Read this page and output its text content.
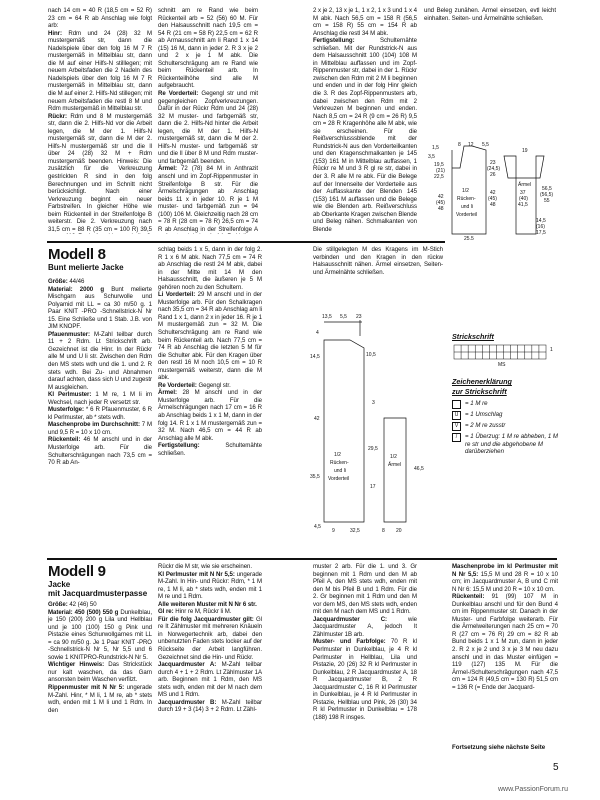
nach 14 cm = 40 R (18,5 cm = 52 R) 23 cm = 64 R ab Anschlag wie folgt arb:

Hinr: Rdm und 24 (28) 32 M mustergemäß str, dann die Nadelspiele über den folg 16 M 7 R mustergemäß in Mittelblau str, dann die M auf einer Hilfs-N stilllegen; mit neuem Arbeitsfaden die 2 Nadeln des Nadelspiels über den folg 16 M 7 R mustergemäß in Mittelblau str, dann die M auf einer 2. Hilfs-Nd stillegen; mit neuem Arbeitsfaden die restl 8 M und Rdm mustergemäß in Mittelblau str.

Rückr: Rdm und 8 M mustergemäß str, dann die 2. Hilfs-Nd vor die Arbeit legen, die M der 1. Hilfs-N mustergemäß str, dann die M der 2. Hilfs-N mustergemäß str und die ll über 24 (28) 32 M + Rdm mustergemäß beenden. Hinweis: Die zusätzlich für die Verkreuzung gestrickten R sind in den folg Berechnungen und im Schnitt nicht berücksichtigt. Nach einer Verkreuzung beginnt ein neuer Farbstreifen. In gleicher Höhe wie beim Rückenteil in der Streifenfolge B weiterstr. Die 2. Verkreuzung nach 31,5 cm = 88 R (35 cm = 100 R) 39,5

schnitt am re Rand wie beim Rückenteil arb = 52 (56) 60 M. Für den Halsausschnitt nach 19,5 cm = 54 R (21 cm = 58 R) 22,5 cm = 62 R ab Armausschnitt am li Rand 1 x 14 (15) 16 M, dann in jeder 2. R 3 x je 2 und 2 x je 1 M abk. Die Schulterschrägung am re Rand wie beim Rückenteil arb. In Rückenteilhöhe sind alle M aufgebraucht.

Re Vorderteil: Gegengl str und mit gegengleichen Zopfverkreuzungen. Dafür in der Rückr Rdm und 24 (28) 32 M muster- und farbgemäß str, dann die 2. Hilfs-Nd hinter die Arbeit legen, die M der 1. Hilfs-N mustergemäß str, dann die M der 2. Hilfs-N muster- und farbgemäß str und die ll über 8 M und Rdm muster- und farbgemäß beenden.

Ärmel: 72 (78) 84 M in Anthrazit anschl und im Zopf-Rippenmuster in Streifenfolge B str. Für die Ärmelschrägungen ab Anschlag beids 11 x in jeder 10. R je 1 M muster- und farbgemäß zun = 94 (100) 106 M. Gleichzeitig nach 28 cm = 78 R (28 cm = 78 R) 26,5 cm = 74 R ab Anschlag in der Streifenfolge A

2 x je 2, 13 x je 1, 1 x 2, 1 x 3 und 1 x 4 M abk. Nach 56,5 cm = 158 R (56,5 cm = 158 R) 55 cm = 154 R ab Anschlag die restl 34 M abk.

Fertigstellung: Schulternähte schließen. Mit der Rundstrick-N aus dem Halsausschnitt 100 (104) 108 M in Mittelblau auffassen und im Zopf-Rippenmuster str, dabei in der 1. Rückr zwischen den Rdm mit 2 M li beginnen und enden und in der folg Hinr gleich die 3. R des Zopf-Rippenmusters arb, dabei zwischen den Rdm mit 2 Verkreuzen M beginnen und enden. Nach 8,5 cm = 24 R (9 cm = 26 R) 9,5 cm = 28 R Kragenhöhe alle M abk, wie sie erscheinen. Für die Reißverschlusssblende mit der Rundstrick-N aus den Vorderteilkanten und den Kragenschmalkanten je 145 (153) 161 M in Mittelblau auffassen, 1 Rückr re M und 3 R gl re str, dabei in der 3. R alle M re abk. Für die Belege auf der Innenseite der Vorderteile aus der Auffasskante der Blenden 145 (153) 161 M auffassen und die Belege wie die Blenden arb. Reißverschluss ab Oberkante Kragen zwischen Blende und Beleg nähen. Schmalkanten von Blende

und Beleg zunähen. Ärmel einsetzen, evtl leicht einhalten. Seiten- und Ärmelnähte schließen.

1,5	8 12 5,5
19
3,5
19,5
(21)
22,5
23
(24,5)
26
42
(45)
48
42
(45)
48
37
(40)
41,5
56,5
(56,5)
55
14,5
(16)
17,5
25,5
1/2
Rücken-
und li
Vorderteil
Ärmel
Modell 8
Bunt melierte Jacke

Größe: 44/46

Material: 2000 g Bunt melierte Mischgarn aus Schurwolle und Polyamid mit LL = ca 30 m/50 g. 1 Paar KNIT -PRO -Schnellstrick-N Nr 15. Eine Schließe und 1 Stab. J.B. von JIM KNOPF.

Pfauenmuster: M-Zahl teilbar durch 11 + 2 Rdm. Lt Strickschrift arb. Gezeichnet ist die Hinr. In der Rückr alle M und U li str. Zwischen den Rdm den MS stets wdh und die 1. und 2. R stets wdh. Bei Zu- und Abnahmen darauf achten, dass sich U und zugestr M ausgleichen.

Kl Perlmuster: 1 M re, 1 M li im Wechsel, nach jeder R versetzt str.

Musterfolge: * 6 R Pfauenmuster, 6 R kl Perlmuster, ab * stets wdh.

Maschenprobe im Durchschnitt: 7 M und 9,5 R = 10 x 10 cm.

Rückenteil: 46 M anschl und in der Musterfolge arb. Für die Schulterschrägungen nach 73,5 cm = 70 R ab An-

schlag beids 1 x 5, dann in der folg 2. R 1 x 6 M abk. Nach 77,5 cm = 74 R ab Anschlag die restl 24 M abk, dabei in der Mitte mit 14 M den Halsausschnitt, die äußeren je 5 M gehören noch zu den Schultern.

Li Vorderteil: 29 M anschl und in der Musterfolge arb. Für den Schalkragen nach 35,5 cm = 34 R ab Anschlag am li Rand 1 x 1, dann 2 x in jeder 16. R je 1 M mustergemäß zun = 32 M. Die Schulterschrägung am re Rand wie beim Rückenteil arb. Nach 77,5 cm = 74 R ab Anschlag die letzten 5 M für die Schulter abk. Für den Kragen über den restl 16 M noch 10,5 cm = 10 R mustergemäß weiterstr, dann die M abk.

Re Vorderteil: Gegengl str.

Ärmel: 28 M anschl und in der Musterfolge arb. Für die Ärmelschrägungen nach 17 cm = 16 R ab Anschlag beids 1 x 1 M, dann in der folg 14. R 1 x 1 M mustergemäß zun = 32 M. Nach 46,5 cm = 44 R ab Anschlag alle M abk.

Fertigstellung: Schultemähte schließen.

Die stillgelegten M des Kragens im M-Stich verbinden und den Kragen in den rückw Halsausschnitt nähen. Ärmel einsetzen, Seiten- und Ärmelnähte schließen.

13,5 5,5 23
4
14,5
42
35,5
4,5
10,5
3
29,5
17
1/2
Rücken-
und li
Vorderteil
1/2
Ärmel
46,5
9	32,5	8 20
Strickschrift
1
MS
Zeichenerklärung
zur Strickschrift
= 1 M re
U	= 1 Umschlag
V	= 2 M re zusstr
/	= 1 Überzug: 1 M re abheben, 1 M re str und die abgehobene M darüberziehen
Modell 9
Jacke
mit Jacquardmusterpasse

Größe: 42 (46) 50

Material: 450 (500) 550 g Dunkelblau, je 150 (200) 200 g Lila und Hellblau und je 100 (100) 150 g Pink und Pistazie eines Schurwollgarnes mit LL = ca 90 m/50 g. Je 1 Paar KNIT -PRO -Schnellstrick-N Nr 5, Nr 5,5 und 6 sowie 1 KNITPRO-Rundstrick-N Nr 5.

Wichtiger Hinweis: Das Strickstück nur kalt waschen, da das Garn ansonsten beim Waschen verfilzt.

Rippenmuster mit N Nr 5: ungerade M-Zahl. Hinr, * M li, 1 M re, ab * stets wdh, enden mit 1 M li und 1 Rdm. In den

Rückr die M str, wie sie erscheinen.

Kl Perlmuster mit N Nr 5,5: ungerade M-Zahl. In Hin- und Rückr: Rdm, * 1 M re, 1 M li, ab * stets wdh, enden mit 1 M re und 1 Rdm.

Alle weiteren Muster mit N Nr 6 str.

Gl re: Hinr re M, Rückr li M.

Für die folg Jacquardmuster gilt: Gl re It Zählmuster mit mehreren Knäueln in Norwegertechnik arb, dabei den unbenutzten Faden stets locker auf der Rückseite der Arbeit langführen. Gezeichnet sind die Hin- und Rückr.

Jacquardmuster A: M-Zahl teilbar durch 4 + 1 + 2 Rdm. Lt Zählmuster 1A arb. Beginnen mit 1 Rdm, den MS stets wdh, enden mit der M nach dem MS und 1 Rdm.

Jacquardmuster B: M-Zahl teilbar durch 19 + 3 (14) 3 + 2 Rdm. Lt Zähl-

muster 2 arb. Für die 1. und 3. Gr beginnen mit 1 Rdm und den M ab Pfeil A, den MS stets wdh, enden mit den M bis Pfeil B und 1 Rdm. Für die 2. Gr beginnen mit 1 Rdm und den M vor dem MS, den MS stets wdh, enden mit den M nach dem MS und 1 Rdm.

Jacquardmuster C: wie Jacquardmuster A, jedoch lt Zählmuster 1B arb.

Muster- und Farbfolge: 70 R kl Perlmuster in Dunkelblau, je 4 R kl Perlmuster in Hellblau, Lila und Pistazie, 20 (26) 32 R kl Perlmuster in Dunkelblau, 2 R Jacquardmuster A, 18 R Jacquardmuster B, 2 R Jacquardmuster C, 16 R kl Perlmuster in Dunkelblau, je 4 R kl Perlmuster in Pistazie, Hellblau und Pink, 26 (30) 34 R kl Perlmuster in Dunkelblau = 178 (188) 198 R insges.

Maschenprobe im kl Perlmuster mit N Nr 5,5: 15,5 M und 28 R = 10 x 10 cm; im Jacquardmuster A, B und C mit N Nr 6: 15,5 M und 20 R = 10 x 10 cm.

Rückenteil: 91 (99) 107 M in Dunkelblau anschl und für den Bund 4 cm im Rippenmuster str. Danach in der Muster- und Farbfolge weiterarb. Für die Ärmelweiterungen nach 25 cm = 70 R (27 cm = 76 R) 29 cm = 82 R ab Bund beids 1 x 1 M zun, dann in jeder 2. R 2 x je 2 und 3 x je 3 M neu dazu anschl und in das Muster einfügen = 119 (127) 135 M. Für die Ärmel-/Schulterschrägungen nach 47,5 cm = 124 R (49,5 cm = 130 R) 51,5 cm = 136 R (= Ende der Jacquard-

Fortsetzung siehe nächste Seite
5
www.PassionForum.ru
